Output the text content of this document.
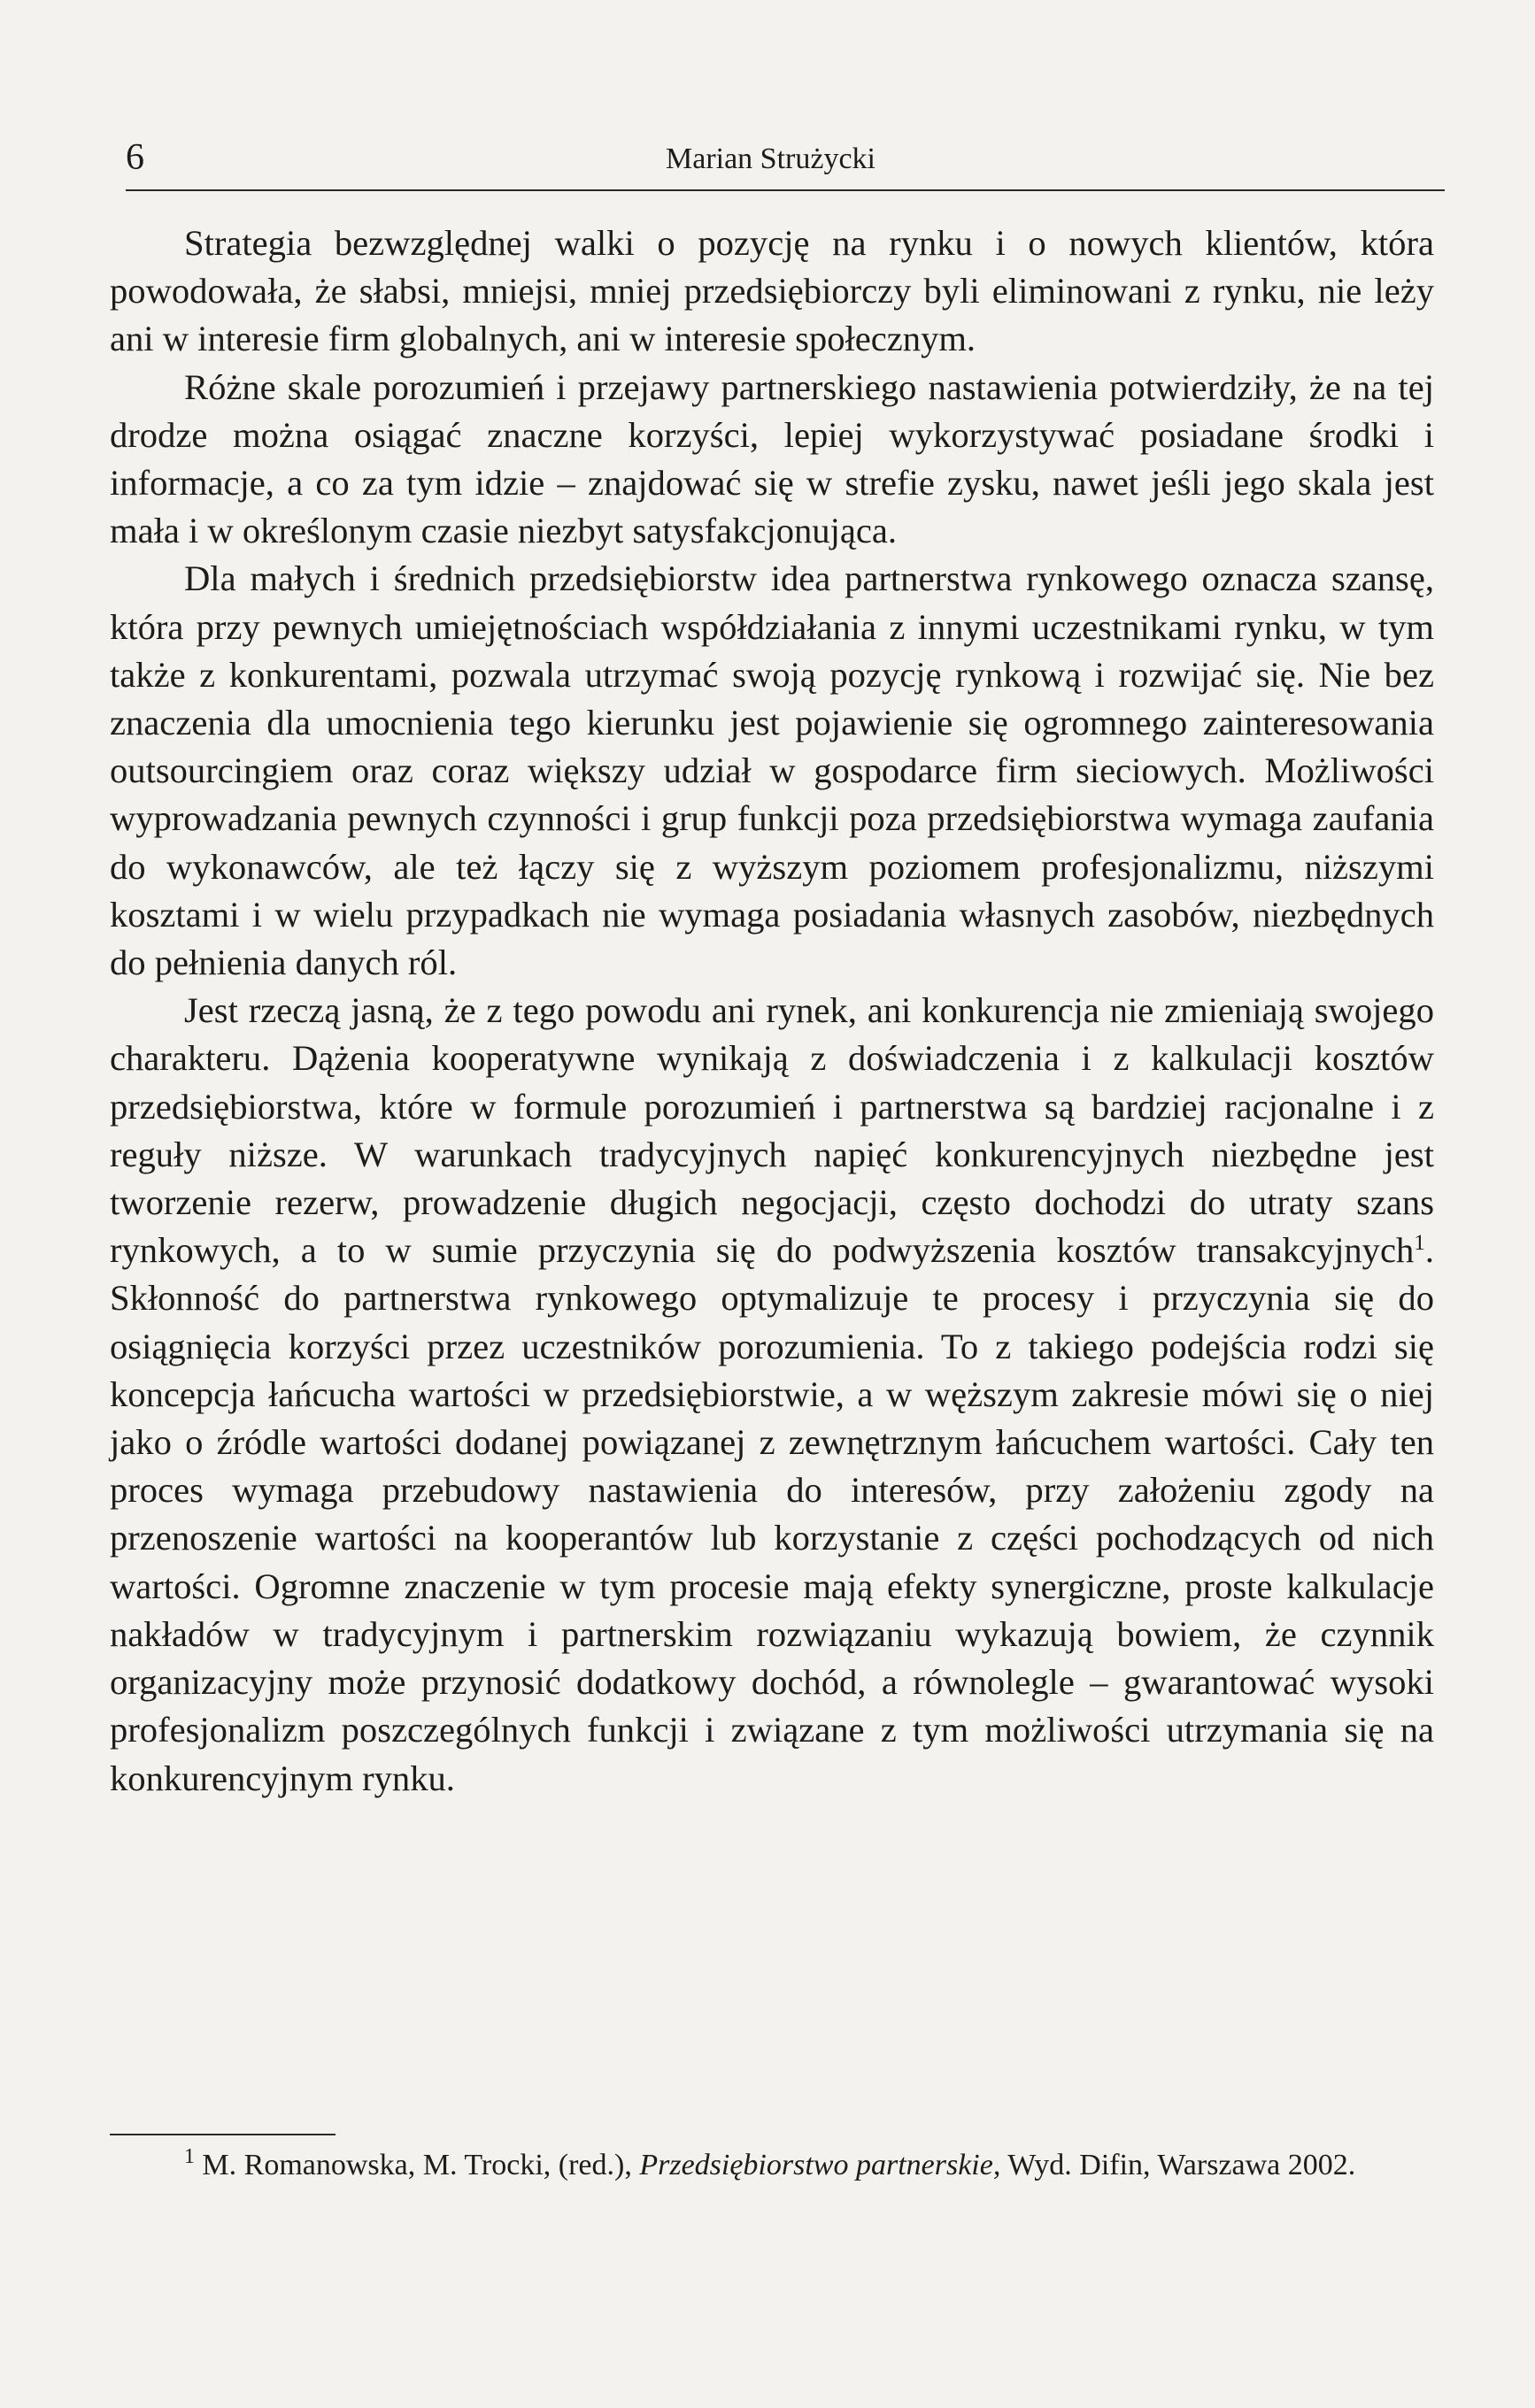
6	Marian Strużycki

Strategia bezwzględnej walki o pozycję na rynku i o nowych klientów, która powodowała, że słabsi, mniejsi, mniej przedsiębiorczy byli eliminowani z rynku, nie leży ani w interesie firm globalnych, ani w interesie społecznym.

Różne skale porozumień i przejawy partnerskiego nastawienia potwierdziły, że na tej drodze można osiągać znaczne korzyści, lepiej wykorzystywać posiadane środki i informacje, a co za tym idzie – znajdować się w strefie zysku, nawet jeśli jego skala jest mała i w określonym czasie niezbyt satysfakcjonująca.

Dla małych i średnich przedsiębiorstw idea partnerstwa rynkowego oznacza szansę, która przy pewnych umiejętnościach współdziałania z innymi uczestnikami rynku, w tym także z konkurentami, pozwala utrzymać swoją pozycję rynkową i rozwijać się. Nie bez znaczenia dla umocnienia tego kierunku jest pojawienie się ogromnego zainteresowania outsourcingiem oraz coraz większy udział w gospodarce firm sieciowych. Możliwości wyprowadzania pewnych czynności i grup funkcji poza przedsiębiorstwa wymaga zaufania do wykonawców, ale też łączy się z wyższym poziomem profesjonalizmu, niższymi kosztami i w wielu przypadkach nie wymaga posiadania własnych zasobów, niezbędnych do pełnienia danych ról.

Jest rzeczą jasną, że z tego powodu ani rynek, ani konkurencja nie zmieniają swojego charakteru. Dążenia kooperatywne wynikają z doświadczenia i z kalkulacji kosztów przedsiębiorstwa, które w formule porozumień i partnerstwa są bardziej racjonalne i z reguły niższe. W warunkach tradycyjnych napięć konkurencyjnych niezbędne jest tworzenie rezerw, prowadzenie długich negocjacji, często dochodzi do utraty szans rynkowych, a to w sumie przyczynia się do podwyższenia kosztów transakcyjnych$^1$. Skłonność do partnerstwa rynkowego optymalizuje te procesy i przyczynia się do osiągnięcia korzyści przez uczestników porozumienia. To z takiego podejścia rodzi się koncepcja łańcucha wartości w przedsiębiorstwie, a w węższym zakresie mówi się o niej jako o źródle wartości dodanej powiązanej z zewnętrznym łańcuchem wartości. Cały ten proces wymaga przebudowy nastawienia do interesów, przy założeniu zgody na przenoszenie wartości na kooperantów lub korzystanie z części pochodzących od nich wartości. Ogromne znaczenie w tym procesie mają efekty synergiczne, proste kalkulacje nakładów w tradycyjnym i partnerskim rozwiązaniu wykazują bowiem, że czynnik organizacyjny może przynosić dodatkowy dochód, a równolegle – gwarantować wysoki profesjonalizm poszczególnych funkcji i związane z tym możliwości utrzymania się na konkurencyjnym rynku.

$^1$ M. Romanowska, M. Trocki, (red.), Przedsiębiorstwo partnerskie, Wyd. Difin, Warszawa 2002.
